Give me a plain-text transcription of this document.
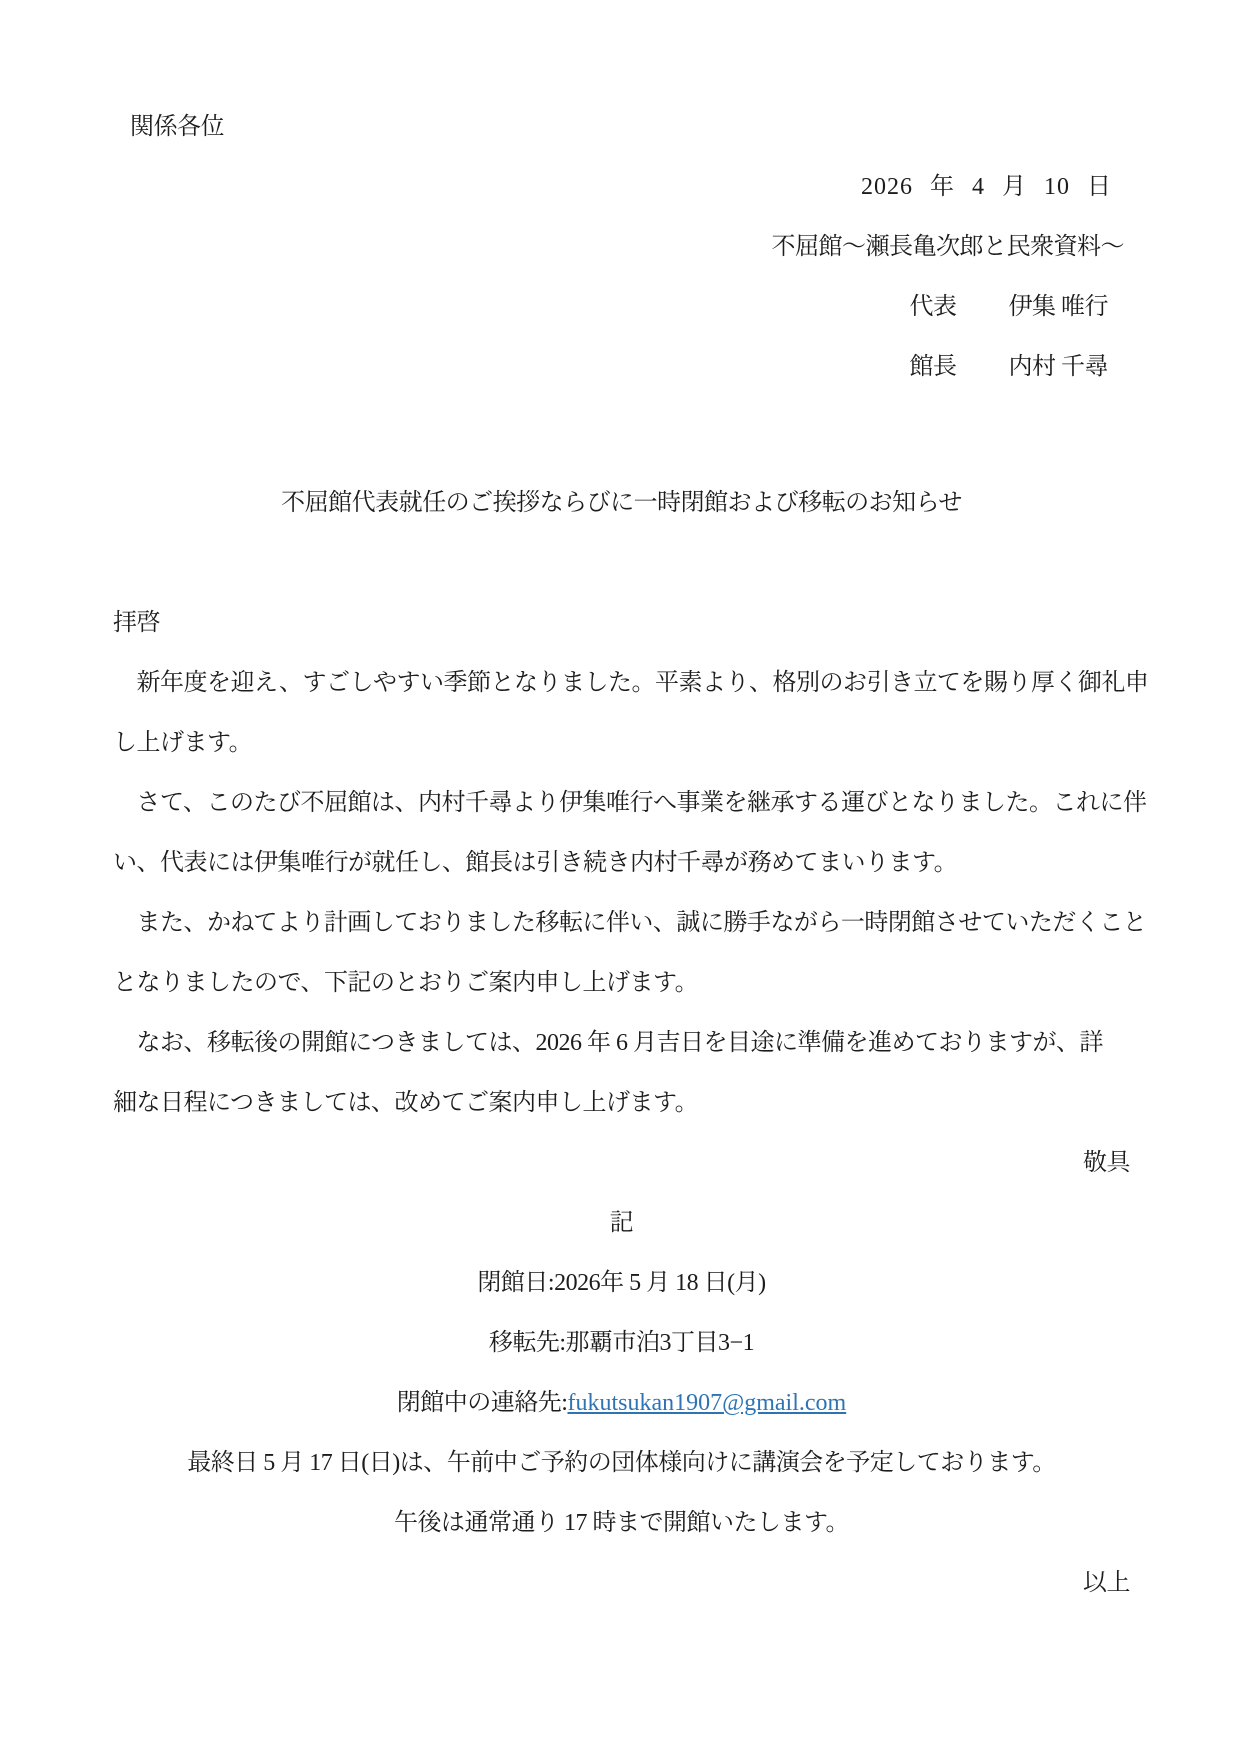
関係各位
2026 年 4 月 10 日
不屈館～瀬長亀次郎と民衆資料～
代表 伊集 唯行
館長 内村 千尋
不屈館代表就任のご挨拶ならびに一時閉館および移転のお知らせ
拝啓
　新年度を迎え、すごしやすい季節となりました。平素より、格別のお引き立てを賜り厚く御礼申
し上げます。
　さて、このたび不屈館は、内村千尋より伊集唯行へ事業を継承する運びとなりました。これに伴
い、代表には伊集唯行が就任し、館長は引き続き内村千尋が務めてまいります。
　また、かねてより計画しておりました移転に伴い、誠に勝手ながら一時閉館させていただくこと
となりましたので、下記のとおりご案内申し上げます。
　なお、移転後の開館につきましては、2026 年 6 月吉日を目途に準備を進めておりますが、詳
細な日程につきましては、改めてご案内申し上げます。
敬具
記
閉館日:2026年 5 月 18 日(月)
移転先:那覇市泊3丁目3−1
閉館中の連絡先:fukutsukan1907@gmail.com
最終日 5 月 17 日(日)は、午前中ご予約の団体様向けに講演会を予定しております。
午後は通常通り 17 時まで開館いたします。
以上
